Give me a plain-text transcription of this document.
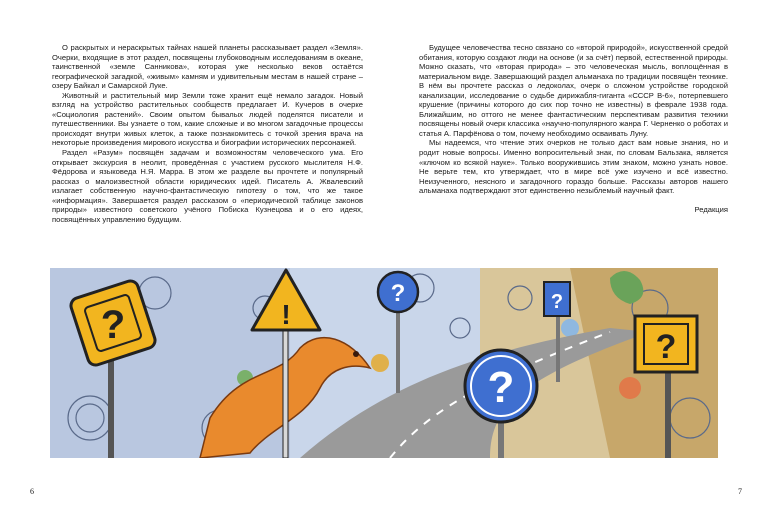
О раскрытых и нераскрытых тайнах нашей планеты рассказывает раздел «Земля». Очерки, входящие в этот раздел, посвящены глубоководным исследованиям в океане, таинственной «земле Санникова», которая уже несколько веков остаётся географической загадкой, «живым» камням и удивительным местам в нашей стране – озеру Байкал и Самарской Луке.

Животный и растительный мир Земли тоже хранит ещё немало загадок. Новый взгляд на устройство растительных сообществ предлагает И. Кучеров в очерке «Социология растений». Своим опытом бывалых людей поделятся писатели и путешественники. Вы узнаете о том, какие сложные и во многом загадочные процессы происходят внутри живых клеток, а также познакомитесь с точкой зрения врача на некоторые произведения мирового искусства и биографии исторических персонажей.

Раздел «Разум» посвящён задачам и возможностям человеческого ума. Его открывает экскурсия в неолит, проведённая с участием русского мыслителя Н.Ф. Фёдорова и языковеда Н.Я. Марра. В этом же разделе вы прочтете и популярный рассказ о малоизвестной области юридических идей. Писатель А. Жвалевский излагает собственную научно-фантастическую гипотезу о том, что же такое «информация». Завершается раздел рассказом о «периодической таблице законов природы» известного советского учёного Побиска Кузнецова и о его идеях, посвящённых управлению будущим.

Будущее человечества тесно связано со «второй природой», искусственной средой обитания, которую создают люди на основе (и за счёт) первой, естественной природы. Можно сказать, что «вторая природа» – это человеческая мысль, воплощённая в материальном виде. Завершающий раздел альманаха по традиции посвящён технике. В нём вы прочтете рассказ о ледоколах, очерк о сложном устройстве городской канализации, исследование о судьбе дирижабля-гиганта «СССР В-6», потерпевшего крушение (причины которого до сих пор точно не известны) в феврале 1938 года. Ближайшим, но оттого не менее фантастическим перспективам развития техники посвящены новый очерк классика «научно-популярного жанра Г. Черненко о роботах и статья А. Парфёнова о том, почему необходимо осваивать Луну.

Мы надеемся, что чтение этих очерков не только даст вам новые знания, но и родит новые вопросы. Именно вопросительный знак, по словам Бальзака, является «ключом ко всякой науке». Только вооружившись этим знаком, можно узнать новое. Не верьте тем, кто утверждает, что в мире всё уже изучено и всё известно. Неизученного, неясного и загадочного гораздо больше. Рассказы авторов нашего альманаха подтверждают этот единственно незыблемый научный факт.

Редакция

?	!
?	?
?
?
6	7
